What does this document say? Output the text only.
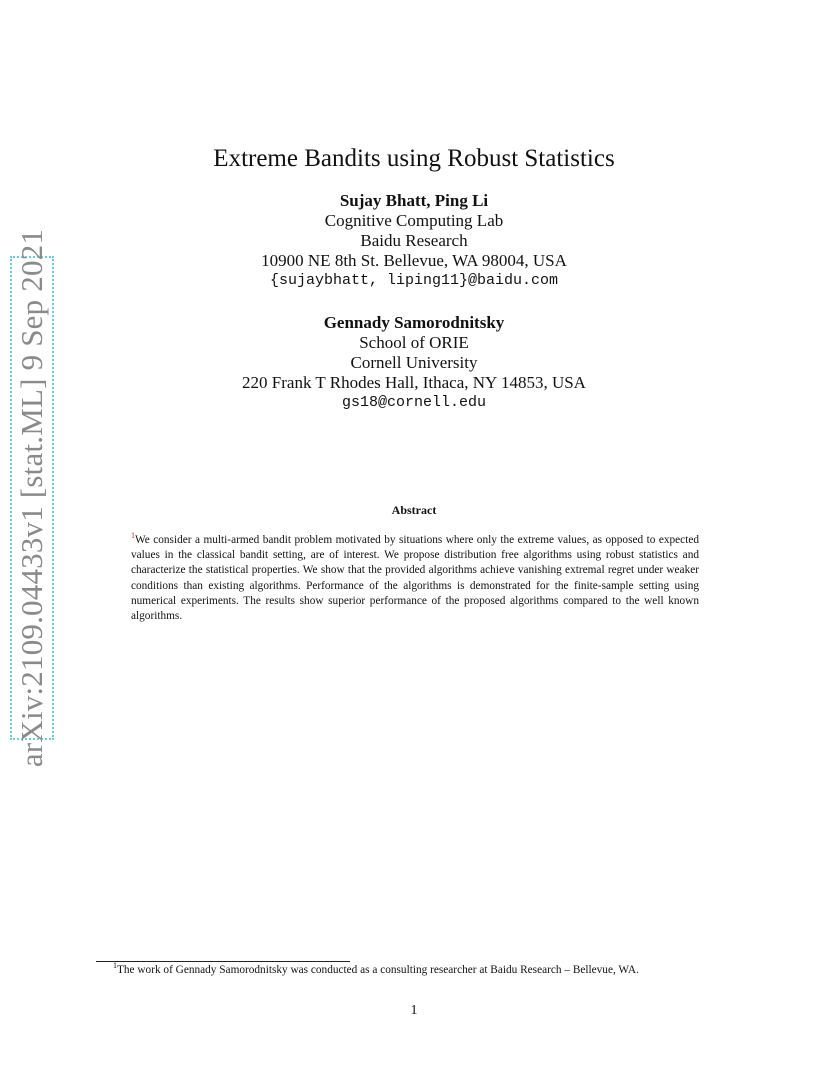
arXiv:2109.04433v1 [stat.ML] 9 Sep 2021
Extreme Bandits using Robust Statistics
Sujay Bhatt, Ping Li
Cognitive Computing Lab
Baidu Research
10900 NE 8th St. Bellevue, WA 98004, USA
{sujaybhatt, liping11}@baidu.com
Gennady Samorodnitsky
School of ORIE
Cornell University
220 Frank T Rhodes Hall, Ithaca, NY 14853, USA
gs18@cornell.edu
Abstract
$^1$We consider a multi-armed bandit problem motivated by situations where only the extreme values, as opposed to expected values in the classical bandit setting, are of interest. We propose distribution free algorithms using robust statistics and characterize the statistical properties. We show that the provided algorithms achieve vanishing extremal regret under weaker conditions than existing algorithms. Performance of the algorithms is demonstrated for the finite-sample setting using numerical experiments. The results show superior performance of the proposed algorithms compared to the well known algorithms.
$^1$The work of Gennady Samorodnitsky was conducted as a consulting researcher at Baidu Research – Bellevue, WA.
1
